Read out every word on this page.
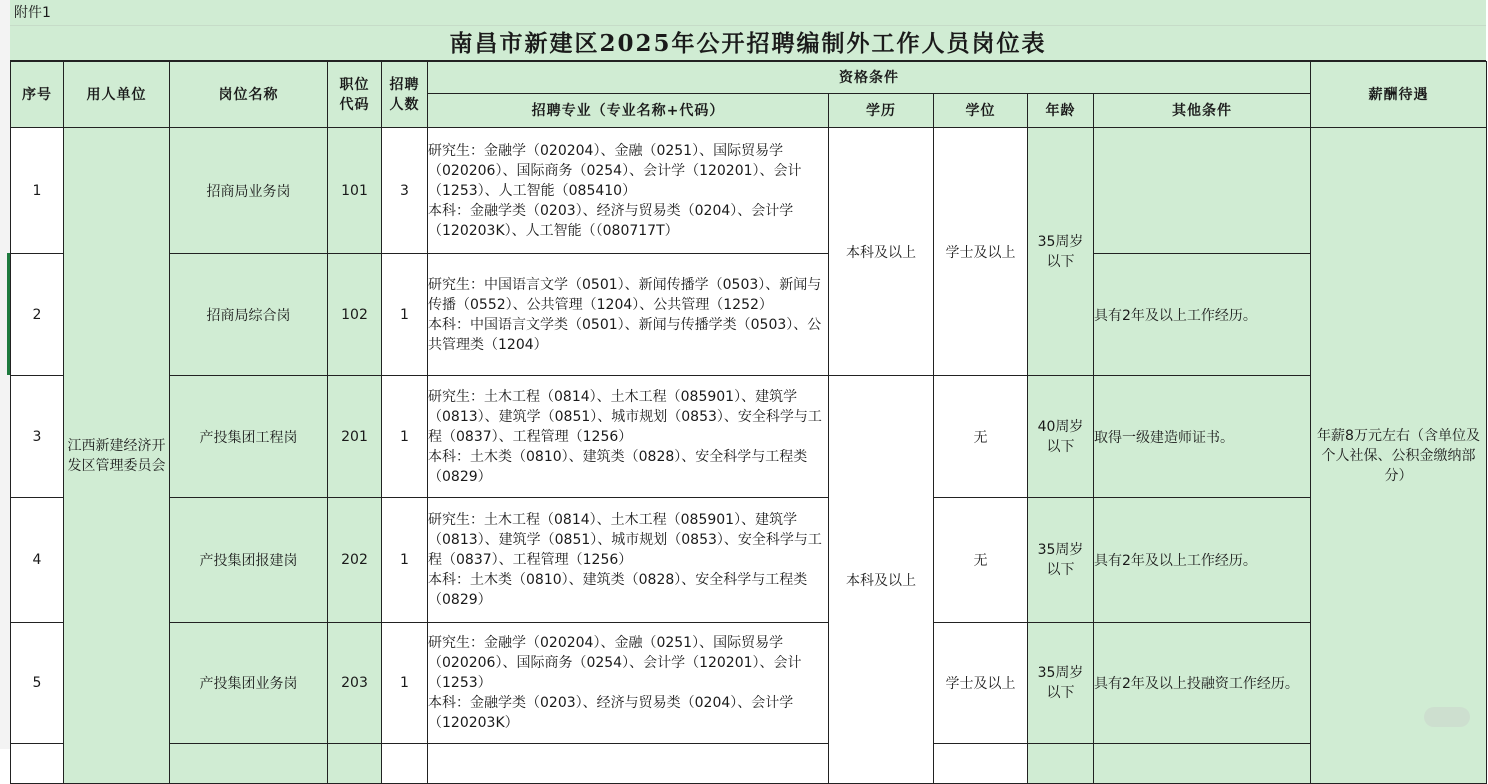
附件1
南昌市新建区2025年公开招聘编制外工作人员岗位表
序号	用人单位	岗位名称	职位代码	招聘人数	资格条件					薪酬待遇
					招聘专业（专业名称+代码）	学历	学位	年龄	其他条件	
1	江西新建经济开发区管理委员会	招商局业务岗	101	3	研究生：金融学（020204）、金融（0251）、国际贸易学（020206）、国际商务（0254）、会计学（120201）、会计（1253）、人工智能（085410）
本科：金融学类（0203）、经济与贸易类（0204）、会计学（120203K）、人工智能（（080717T）	本科及以上	学士及以上	35周岁以下		年薪8万元左右（含单位及个人社保、公积金缴纳部分）
2		招商局综合岗	102	1	研究生：中国语言文学（0501）、新闻传播学（0503）、新闻与传播（0552）、公共管理（1204）、公共管理（1252）
本科：中国语言文学类（0501）、新闻与传播学类（0503）、公共管理类（1204）				具有2年及以上工作经历。	
3		产投集团工程岗	201	1	研究生：土木工程（0814）、土木工程（085901）、建筑学（0813）、建筑学（0851）、城市规划（0853）、安全科学与工程（0837）、工程管理（1256）
本科：土木类（0810）、建筑类（0828）、安全科学与工程类（0829）	本科及以上	无	40周岁以下	取得一级建造师证书。	
4		产投集团报建岗	202	1	研究生：土木工程（0814）、土木工程（085901）、建筑学（0813）、建筑学（0851）、城市规划（0853）、安全科学与工程（0837）、工程管理（1256）
本科：土木类（0810）、建筑类（0828）、安全科学与工程类（0829）		无	35周岁以下	具有2年及以上工作经历。	
5		产投集团业务岗	203	1	研究生：金融学（020204）、金融（0251）、国际贸易学（020206）、国际商务（0254）、会计学（120201）、会计（1253）
本科：金融学类（0203）、经济与贸易类（0204）、会计学（120203K）		学士及以上	35周岁以下	具有2年及以上投融资工作经历。	
